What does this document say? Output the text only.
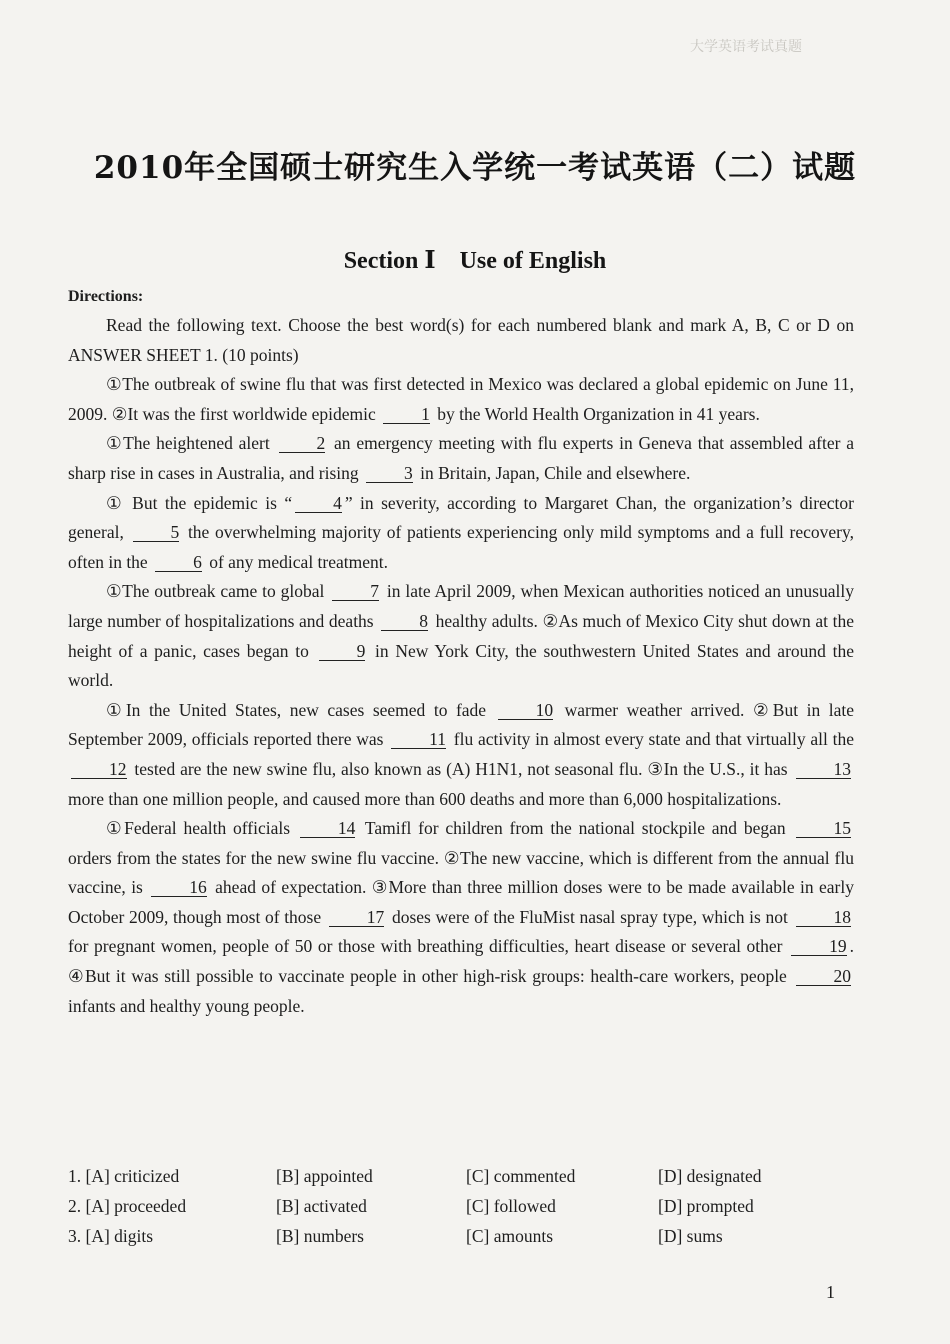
大学英语考试真题
2010年全国硕士研究生入学统一考试英语（二）试题
Section Ⅰ　Use of English
Directions:

Read the following text. Choose the best word(s) for each numbered blank and mark A, B, C or D on ANSWER SHEET 1. (10 points)

①The outbreak of swine flu that was first detected in Mexico was declared a global epidemic on June 11, 2009. ②It was the first worldwide epidemic 1 by the World Health Organization in 41 years.

①The heightened alert 2 an emergency meeting with flu experts in Geneva that assembled after a sharp rise in cases in Australia, and rising 3 in Britain, Japan, Chile and elsewhere.

① But the epidemic is “ 4 ” in severity, according to Margaret Chan, the organization’s director general, 5 the overwhelming majority of patients experiencing only mild symptoms and a full recovery, often in the 6 of any medical treatment.

①The outbreak came to global 7 in late April 2009, when Mexican authorities noticed an unusually large number of hospitalizations and deaths 8 healthy adults. ②As much of Mexico City shut down at the height of a panic, cases began to 9 in New York City, the southwestern United States and around the world.

①In the United States, new cases seemed to fade 10 warmer weather arrived. ②But in late September 2009, officials reported there was 11 flu activity in almost every state and that virtually all the 12 tested are the new swine flu, also known as (A) H1N1, not seasonal flu. ③In the U.S., it has 13 more than one million people, and caused more than 600 deaths and more than 6,000 hospitalizations.

①Federal health officials 14 Tamifl for children from the national stockpile and began 15 orders from the states for the new swine flu vaccine. ②The new vaccine, which is different from the annual flu vaccine, is 16 ahead of expectation. ③More than three million doses were to be made available in early October 2009, though most of those 17 doses were of the FluMist nasal spray type, which is not 18 for pregnant women, people of 50 or those with breathing difficulties, heart disease or several other 19 . ④But it was still possible to vaccinate people in other high-risk groups: health-care workers, people 20 infants and healthy young people.

1. [A] criticized	[B] appointed	[C] commented	[D] designated
2. [A] proceeded	[B] activated	[C] followed	[D] prompted
3. [A] digits	[B] numbers	[C] amounts	[D] sums
1
